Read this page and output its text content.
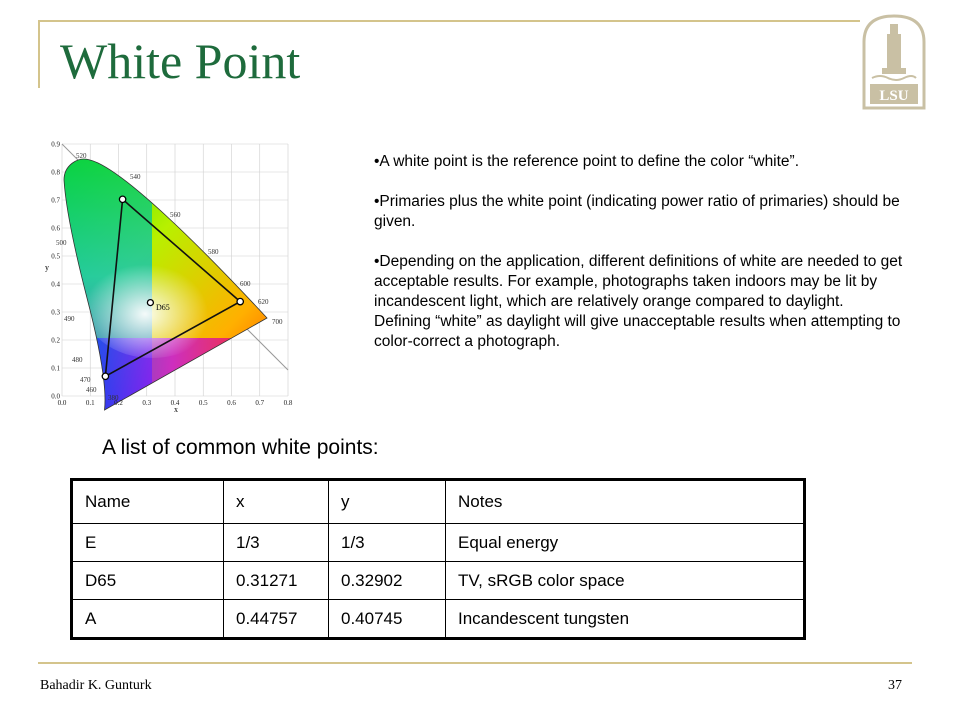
White Point
LSU
D65
0.0	0.1	0.2	0.3	0.4	0.5	0.6	0.7	0.8
0.0
0.1
0.2
0.3
0.4
0.5
0.6
0.7
0.8
0.9
380
460
470
480
490
500
520
540
560
580
600
620
700
x
y

•A white point is the reference point to define the color “white”.

•Primaries plus the white point (indicating power ratio of primaries) should be given.

•Depending on the application, different definitions of white are needed to get acceptable results. For example, photographs taken indoors may be lit by incandescent light, which are relatively orange compared to daylight. Defining “white” as daylight will give unacceptable results when attempting to color-correct a photograph.

A list of common white points:
Name	x	y	Notes
E	1/3	1/3	Equal energy
D65	0.31271	0.32902	TV, sRGB color space
A	0.44757	0.40745	Incandescent tungsten
Bahadir K. Gunturk	37
